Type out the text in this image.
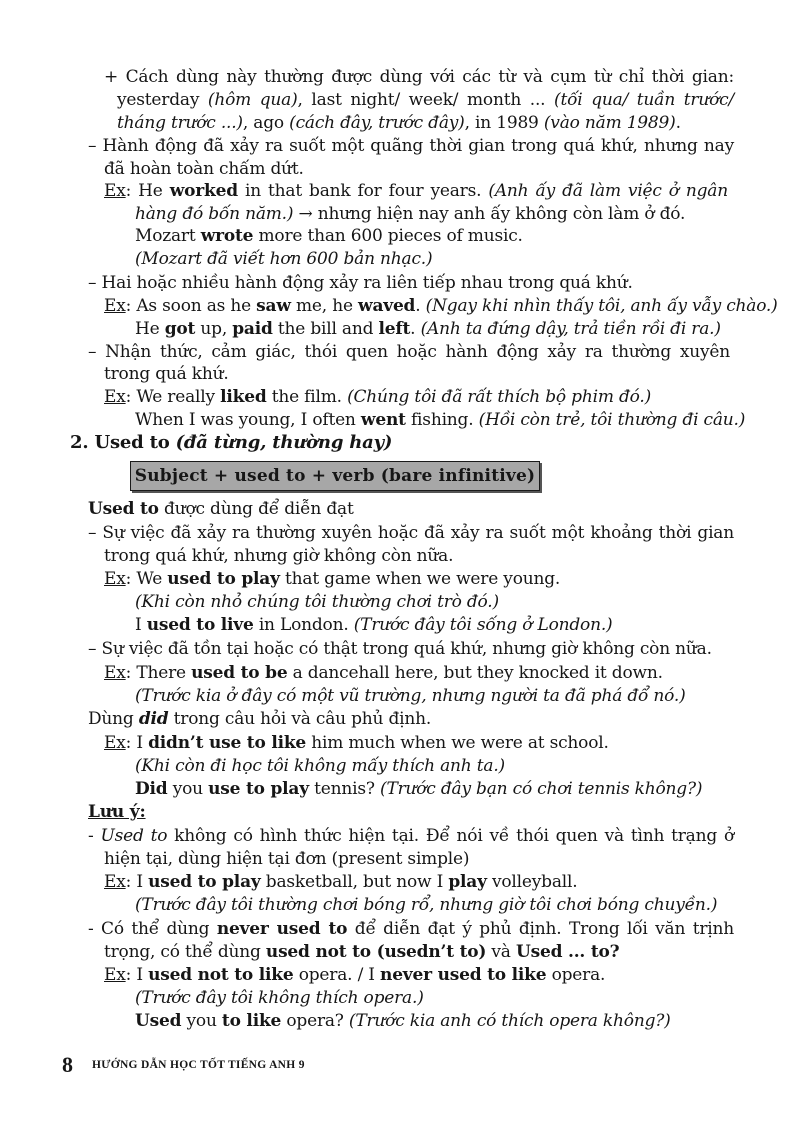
+ Cách dùng này thường được dùng với các từ và cụm từ chỉ thời gian:
yesterday (hôm qua), last night/ week/ month ... (tối qua/ tuần trước/
tháng trước ...), ago (cách đây, trước đây), in 1989 (vào năm 1989).
– Hành động đã xảy ra suốt một quãng thời gian trong quá khứ, nhưng nay
đã hoàn toàn chấm dứt.
Ex: He worked in that bank for four years. (Anh ấy đã làm việc ở ngân
hàng đó bốn năm.) → nhưng hiện nay anh ấy không còn làm ở đó.
Mozart wrote more than 600 pieces of music.
(Mozart đã viết hơn 600 bản nhạc.)
– Hai hoặc nhiều hành động xảy ra liên tiếp nhau trong quá khứ.
Ex: As soon as he saw me, he waved. (Ngay khi nhìn thấy tôi, anh ấy vẫy chào.)
He got up, paid the bill and left. (Anh ta đứng dậy, trả tiền rồi đi ra.)
– Nhận thức, cảm giác, thói quen hoặc hành động xảy ra thường xuyên
trong quá khứ.
Ex: We really liked the film. (Chúng tôi đã rất thích bộ phim đó.)
When I was young, I often went fishing. (Hồi còn trẻ, tôi thường đi câu.)
2. Used to (đã từng, thường hay)
Subject + used to + verb (bare infinitive)
Used to được dùng để diễn đạt
– Sự việc đã xảy ra thường xuyên hoặc đã xảy ra suốt một khoảng thời gian
trong quá khứ, nhưng giờ không còn nữa.
Ex: We used to play that game when we were young.
(Khi còn nhỏ chúng tôi thường chơi trò đó.)
I used to live in London. (Trước đây tôi sống ở London.)
– Sự việc đã tồn tại hoặc có thật trong quá khứ, nhưng giờ không còn nữa.
Ex: There used to be a dancehall here, but they knocked it down.
(Trước kia ở đây có một vũ trường, nhưng người ta đã phá đổ nó.)
Dùng did trong câu hỏi và câu phủ định.
Ex: I didn’t use to like him much when we were at school.
(Khi còn đi học tôi không mấy thích anh ta.)
Did you use to play tennis? (Trước đây bạn có chơi tennis không?)
Lưu ý:
- Used to không có hình thức hiện tại. Để nói về thói quen và tình trạng ở
hiện tại, dùng hiện tại đơn (present simple)
Ex: I used to play basketball, but now I play volleyball.
(Trước đây tôi thường chơi bóng rổ, nhưng giờ tôi chơi bóng chuyền.)
- Có thể dùng never used to để diễn đạt ý phủ định. Trong lối văn trịnh
trọng, có thể dùng used not to (usedn’t to) và Used ... to?
Ex: I used not to like opera. / I never used to like opera.
(Trước đây tôi không thích opera.)
Used you to like opera? (Trước kia anh có thích opera không?)
8 HƯỚNG DẪN HỌC TỐT TIẾNG ANH 9
